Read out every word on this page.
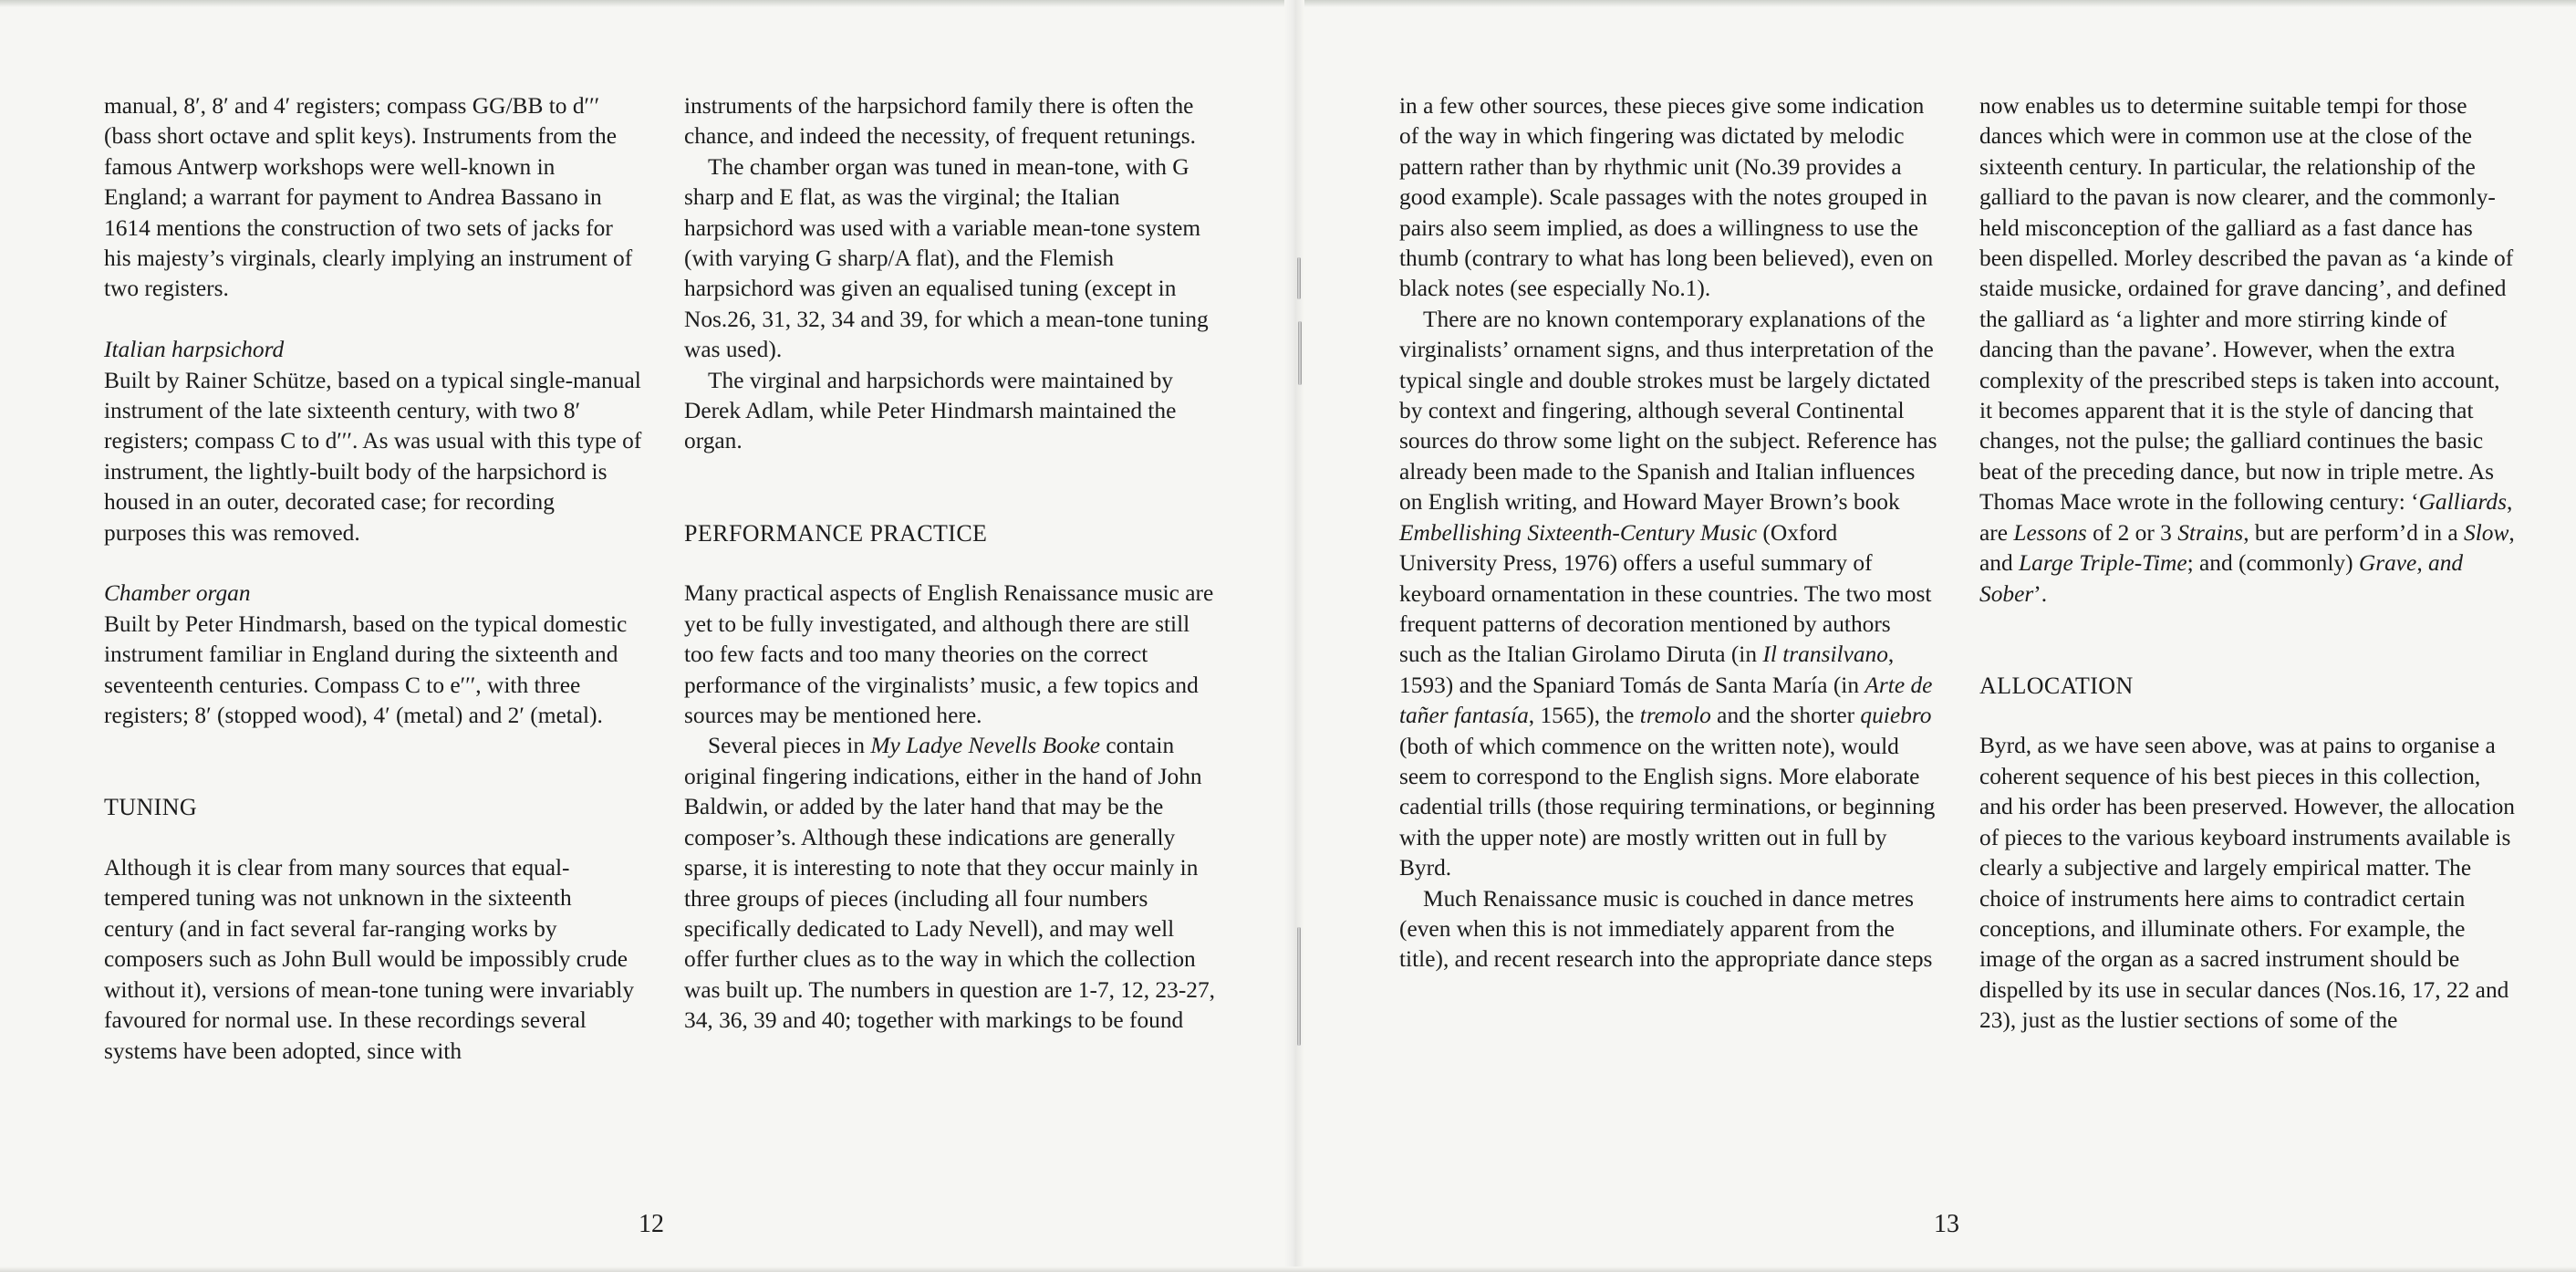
manual, 8′, 8′ and 4′ registers; compass GG/BB to d′′′ (bass short octave and split keys). Instruments from the famous Antwerp workshops were well-known in England; a warrant for payment to Andrea Bassano in 1614 mentions the construction of two sets of jacks for his majesty’s virginals, clearly implying an instrument of two registers.

Italian harpsichord

Built by Rainer Schütze, based on a typical single-manual instrument of the late sixteenth century, with two 8′ registers; compass C to d′′′. As was usual with this type of instrument, the lightly-built body of the harpsichord is housed in an outer, decorated case; for recording purposes this was removed.

Chamber organ

Built by Peter Hindmarsh, based on the typical domestic instrument familiar in England during the sixteenth and seventeenth centuries. Compass C to e′′′, with three registers; 8′ (stopped wood), 4′ (metal) and 2′ (metal).

TUNING

Although it is clear from many sources that equal-tempered tuning was not unknown in the sixteenth century (and in fact several far-ranging works by composers such as John Bull would be impossibly crude without it), versions of mean-tone tuning were invariably favoured for normal use. In these recordings several systems have been adopted, since with

instruments of the harpsichord family there is often the chance, and indeed the necessity, of frequent retunings.

The chamber organ was tuned in mean-tone, with G sharp and E flat, as was the virginal; the Italian harpsichord was used with a variable mean-tone system (with varying G sharp/A flat), and the Flemish harpsichord was given an equalised tuning (except in Nos.26, 31, 32, 34 and 39, for which a mean-tone tuning was used).

The virginal and harpsichords were maintained by Derek Adlam, while Peter Hindmarsh maintained the organ.

PERFORMANCE PRACTICE

Many practical aspects of English Renaissance music are yet to be fully investigated, and although there are still too few facts and too many theories on the correct performance of the virginalists’ music, a few topics and sources may be mentioned here.

Several pieces in My Ladye Nevells Booke contain original fingering indications, either in the hand of John Baldwin, or added by the later hand that may be the composer’s. Although these indications are generally sparse, it is interesting to note that they occur mainly in three groups of pieces (including all four numbers specifically dedicated to Lady Nevell), and may well offer further clues as to the way in which the collection was built up. The numbers in question are 1-7, 12, 23-27, 34, 36, 39 and 40; together with markings to be found

in a few other sources, these pieces give some indication of the way in which fingering was dictated by melodic pattern rather than by rhythmic unit (No.39 provides a good example). Scale passages with the notes grouped in pairs also seem implied, as does a willingness to use the thumb (contrary to what has long been believed), even on black notes (see especially No.1).

There are no known contemporary explanations of the virginalists’ ornament signs, and thus interpretation of the typical single and double strokes must be largely dictated by context and fingering, although several Continental sources do throw some light on the subject. Reference has already been made to the Spanish and Italian influences on English writing, and Howard Mayer Brown’s book Embellishing Sixteenth-Century Music (Oxford University Press, 1976) offers a useful summary of keyboard ornamentation in these countries. The two most frequent patterns of decoration mentioned by authors such as the Italian Girolamo Diruta (in Il transilvano, 1593) and the Spaniard Tomás de Santa María (in Arte de tañer fantasía, 1565), the tremolo and the shorter quiebro (both of which commence on the written note), would seem to correspond to the English signs. More elaborate cadential trills (those requiring terminations, or beginning with the upper note) are mostly written out in full by Byrd.

Much Renaissance music is couched in dance metres (even when this is not immediately apparent from the title), and recent research into the appropriate dance steps

now enables us to determine suitable tempi for those dances which were in common use at the close of the sixteenth century. In particular, the relationship of the galliard to the pavan is now clearer, and the commonly-held misconception of the galliard as a fast dance has been dispelled. Morley described the pavan as ‘a kinde of staide musicke, ordained for grave dancing’, and defined the galliard as ‘a lighter and more stirring kinde of dancing than the pavane’. However, when the extra complexity of the prescribed steps is taken into account, it becomes apparent that it is the style of dancing that changes, not the pulse; the galliard continues the basic beat of the preceding dance, but now in triple metre. As Thomas Mace wrote in the following century: ‘Galliards, are Lessons of 2 or 3 Strains, but are perform’d in a Slow, and Large Triple-Time; and (commonly) Grave, and Sober’.

ALLOCATION

Byrd, as we have seen above, was at pains to organise a coherent sequence of his best pieces in this collection, and his order has been preserved. However, the allocation of pieces to the various keyboard instruments available is clearly a subjective and largely empirical matter. The choice of instruments here aims to contradict certain conceptions, and illuminate others. For example, the image of the organ as a sacred instrument should be dispelled by its use in secular dances (Nos.16, 17, 22 and 23), just as the lustier sections of some of the

12	13
